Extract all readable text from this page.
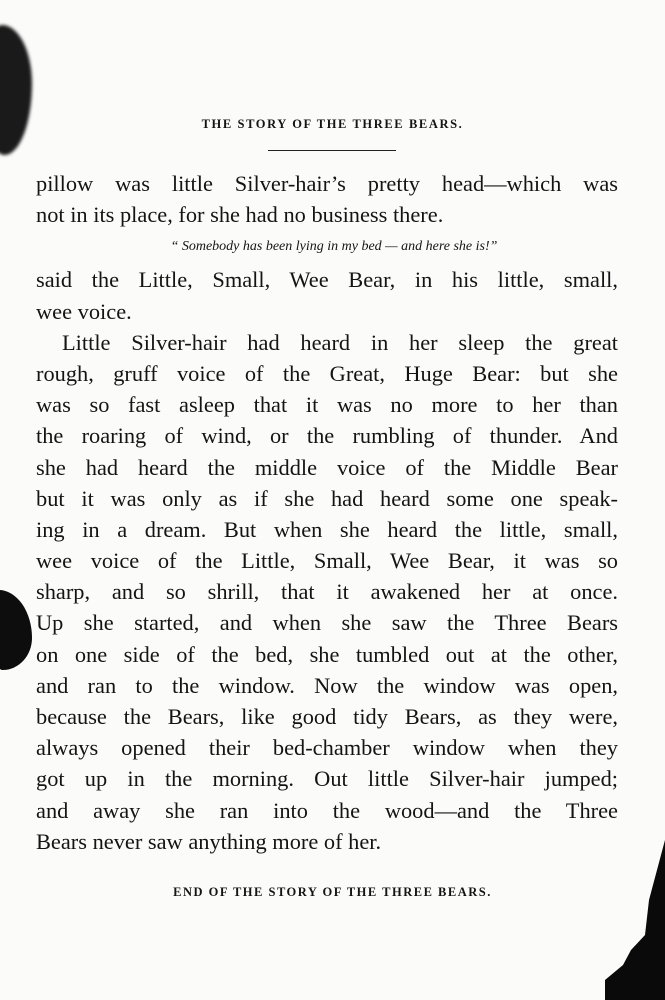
THE STORY OF THE THREE BEARS.
pillow was little Silver-hair’s pretty head—which was
not in its place, for she had no business there.
“ Somebody has been lying in my bed — and here she is!”
said the Little, Small, Wee Bear, in his little, small,
wee voice.
Little Silver-hair had heard in her sleep the great
rough, gruff voice of the Great, Huge Bear: but she
was so fast asleep that it was no more to her than
the roaring of wind, or the rumbling of thunder. And
she had heard the middle voice of the Middle Bear
but it was only as if she had heard some one speak-
ing in a dream. But when she heard the little, small,
wee voice of the Little, Small, Wee Bear, it was so
sharp, and so shrill, that it awakened her at once.
Up she started, and when she saw the Three Bears
on one side of the bed, she tumbled out at the other,
and ran to the window. Now the window was open,
because the Bears, like good tidy Bears, as they were,
always opened their bed-chamber window when they
got up in the morning. Out little Silver-hair jumped;
and away she ran into the wood—and the Three
Bears never saw anything more of her.
END OF THE STORY OF THE THREE BEARS.
